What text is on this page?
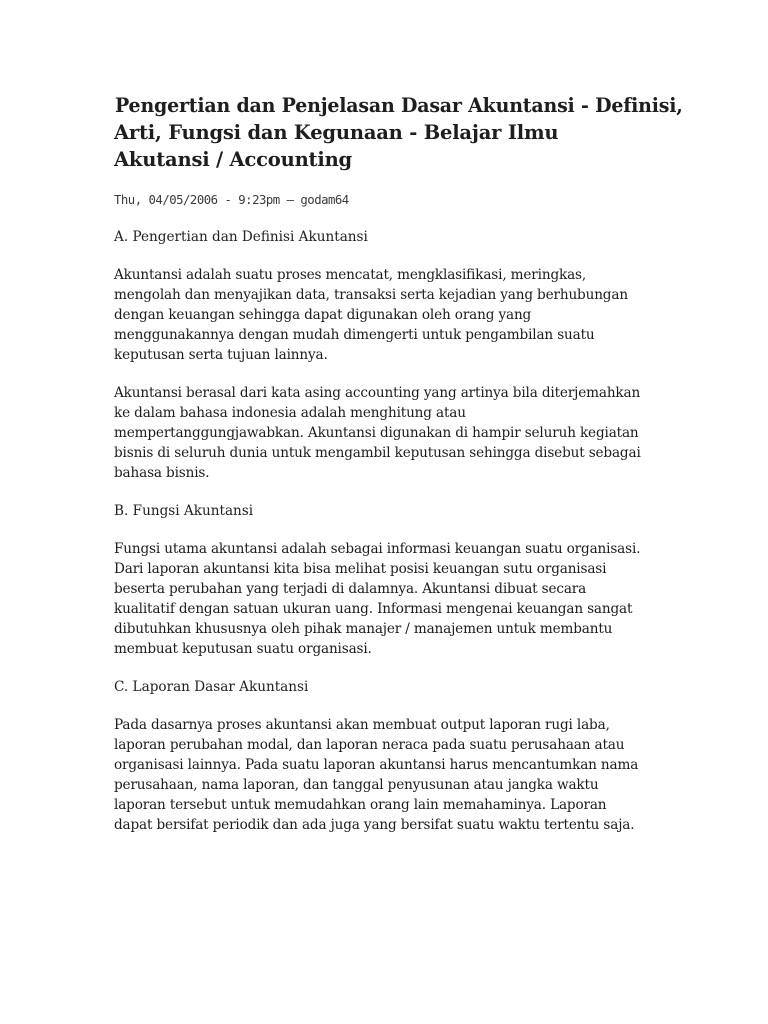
Pengertian dan Penjelasan Dasar Akuntansi - Definisi,
Arti, Fungsi dan Kegunaan - Belajar Ilmu
Akutansi / Accounting
Thu, 04/05/2006 - 9:23pm — godam64
A. Pengertian dan Definisi Akuntansi

Akuntansi adalah suatu proses mencatat, mengklasifikasi, meringkas,
mengolah dan menyajikan data, transaksi serta kejadian yang berhubungan
dengan keuangan sehingga dapat digunakan oleh orang yang
menggunakannya dengan mudah dimengerti untuk pengambilan suatu
keputusan serta tujuan lainnya.

Akuntansi berasal dari kata asing accounting yang artinya bila diterjemahkan
ke dalam bahasa indonesia adalah menghitung atau
mempertanggungjawabkan. Akuntansi digunakan di hampir seluruh kegiatan
bisnis di seluruh dunia untuk mengambil keputusan sehingga disebut sebagai
bahasa bisnis.

B. Fungsi Akuntansi

Fungsi utama akuntansi adalah sebagai informasi keuangan suatu organisasi.
Dari laporan akuntansi kita bisa melihat posisi keuangan sutu organisasi
beserta perubahan yang terjadi di dalamnya. Akuntansi dibuat secara
kualitatif dengan satuan ukuran uang. Informasi mengenai keuangan sangat
dibutuhkan khususnya oleh pihak manajer / manajemen untuk membantu
membuat keputusan suatu organisasi.

C. Laporan Dasar Akuntansi

Pada dasarnya proses akuntansi akan membuat output laporan rugi laba,
laporan perubahan modal, dan laporan neraca pada suatu perusahaan atau
organisasi lainnya. Pada suatu laporan akuntansi harus mencantumkan nama
perusahaan, nama laporan, dan tanggal penyusunan atau jangka waktu
laporan tersebut untuk memudahkan orang lain memahaminya. Laporan
dapat bersifat periodik dan ada juga yang bersifat suatu waktu tertentu saja.
